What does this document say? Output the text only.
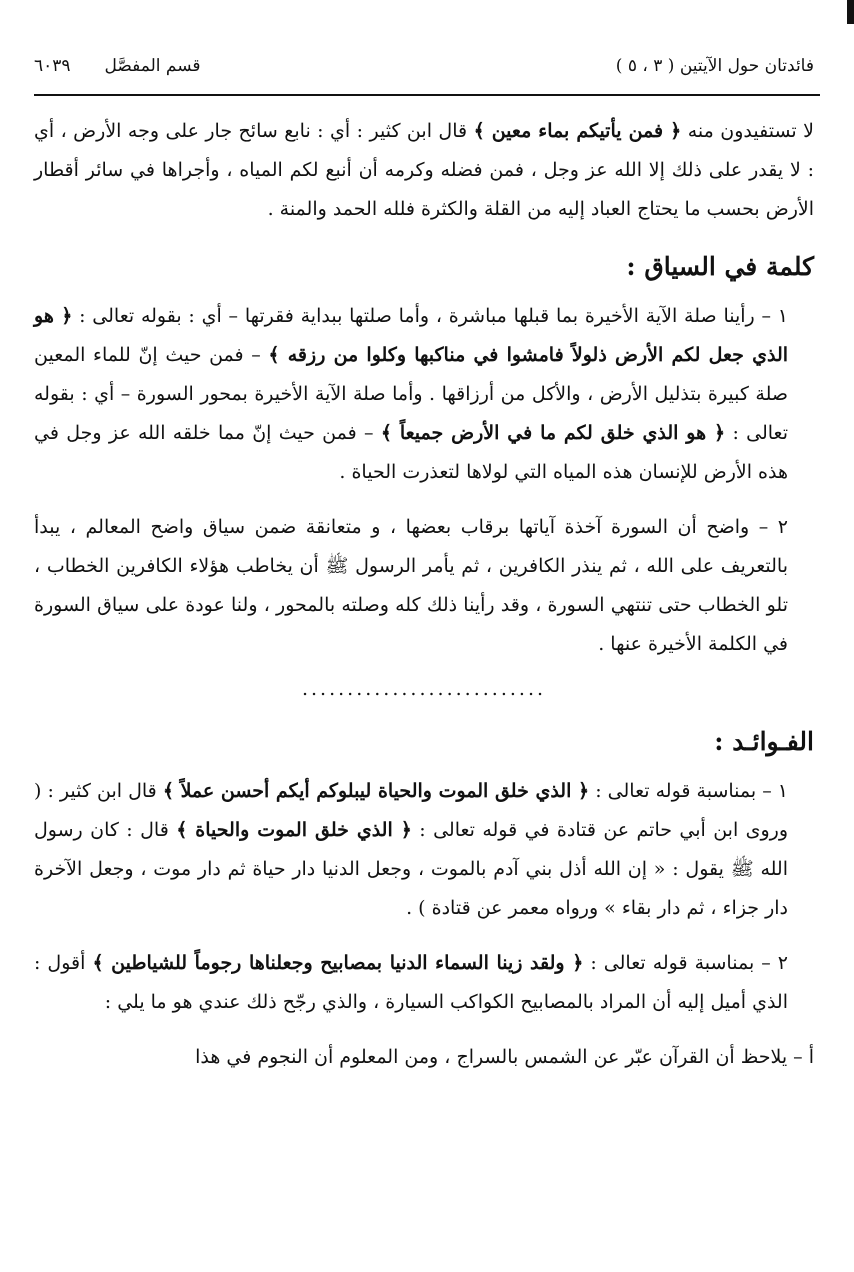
فائدتان حول الآيتين ( ٣ ، ٥ )
قسم المفصَّل
٦٠٣٩

لا تستفيدون منه ﴿ فمن يأتيكم بماء معين ﴾ قال ابن كثير : أي : نابع سائح جار على وجه الأرض ، أي : لا يقدر على ذلك إلا الله عز وجل ، فمن فضله وكرمه أن أنبع لكم المياه ، وأجراها في سائر أقطار الأرض بحسب ما يحتاج العباد إليه من القلة والكثرة فلله الحمد والمنة .

كلمة في السياق :

١ – رأينا صلة الآية الأخيرة بما قبلها مباشرة ، وأما صلتها ببداية فقرتها – أي : بقوله تعالى : ﴿ هو الذي جعل لكم الأرض ذلولاً فامشوا في مناكبها وكلوا من رزقه ﴾ – فمن حيث إنّ للماء المعين صلة كبيرة بتذليل الأرض ، والأكل من أرزاقها . وأما صلة الآية الأخيرة بمحور السورة – أي : بقوله تعالى : ﴿ هو الذي خلق لكم ما في الأرض جميعاً ﴾ – فمن حيث إنّ مما خلقه الله عز وجل في هذه الأرض للإنسان هذه المياه التي لولاها لتعذرت الحياة .

٢ – واضح أن السورة آخذة آياتها برقاب بعضها ، و متعانقة ضمن سياق واضح المعالم ، يبدأ بالتعريف على الله ، ثم ينذر الكافرين ، ثم يأمر الرسول ﷺ أن يخاطب هؤلاء الكافرين الخطاب ، تلو الخطاب حتى تنتهي السورة ، وقد رأينا ذلك كله وصلته بالمحور ، ولنا عودة على سياق السورة في الكلمة الأخيرة عنها .

...........................
الفـوائـد :

١ – بمناسبة قوله تعالى : ﴿ الذي خلق الموت والحياة ليبلوكم أيكم أحسن عملاً ﴾ قال ابن كثير : ( وروى ابن أبي حاتم عن قتادة في قوله تعالى : ﴿ الذي خلق الموت والحياة ﴾ قال : كان رسول الله ﷺ يقول : « إن الله أذل بني آدم بالموت ، وجعل الدنيا دار حياة ثم دار موت ، وجعل الآخرة دار جزاء ، ثم دار بقاء » ورواه معمر عن قتادة ) .

٢ – بمناسبة قوله تعالى : ﴿ ولقد زينا السماء الدنيا بمصابيح وجعلناها رجوماً للشياطين ﴾ أقول : الذي أميل إليه أن المراد بالمصابيح الكواكب السيارة ، والذي رجّح ذلك عندي هو ما يلي :

أ – يلاحظ أن القرآن عبّر عن الشمس بالسراج ، ومن المعلوم أن النجوم في هذا
